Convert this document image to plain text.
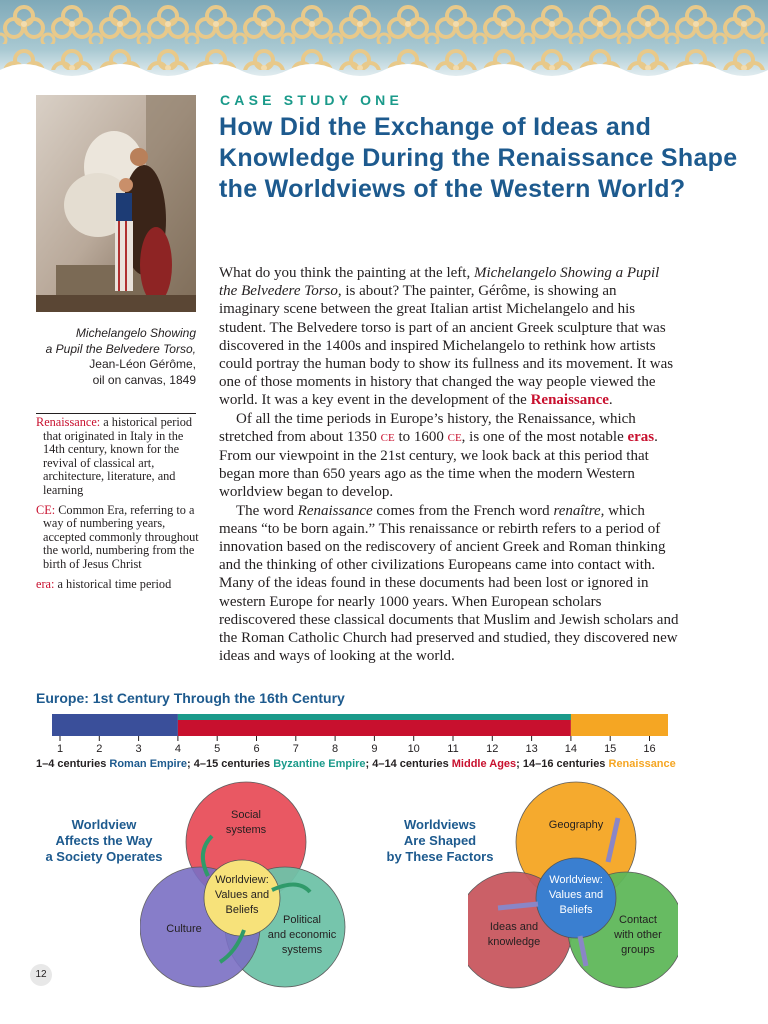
Michelangelo Showing
a Pupil the Belvedere Torso,
Jean-Léon Gérôme,
oil on canvas, 1849
Renaissance: a historical period that originated in Italy in the 14th century, known for the revival of classical art, architecture, literature, and learning
CE: Common Era, referring to a way of numbering years, accepted commonly throughout the world, numbering from the birth of Jesus Christ
era: a historical time period
CASE STUDY ONE
How Did the Exchange of Ideas and Knowledge During the Renaissance Shape the Worldviews of the Western World?

What do you think the painting at the left, Michelangelo Showing a Pupil the Belvedere Torso, is about? The painter, Gérôme, is showing an imaginary scene between the great Italian artist Michelangelo and his student. The Belvedere torso is part of an ancient Greek sculpture that was discovered in the 1400s and inspired Michelangelo to rethink how artists could portray the human body to show its fullness and its movement. It was one of those moments in history that changed the way people viewed the world. It was a key event in the development of the Renaissance.

Of all the time periods in Europe’s history, the Renaissance, which stretched from about 1350 CE to 1600 CE, is one of the most notable eras. From our viewpoint in the 21st century, we look back at this period that began more than 650 years ago as the time when the modern Western worldview began to develop.

The word Renaissance comes from the French word renaître, which means “to be born again.” This renaissance or rebirth refers to a period of innovation based on the rediscovery of ancient Greek and Roman thinking and the thinking of other civilizations Europeans came into contact with. Many of the ideas found in these documents had been lost or ignored in western Europe for nearly 1000 years. When European scholars rediscovered these classical documents that Muslim and Jewish scholars and the Roman Catholic Church had preserved and studied, they discovered new ideas and ways of looking at the world.

Europe: 1st Century Through the 16th Century
1	2	3	4	5	6	7	8	9	10 11 12 13 14 15 16
1–4 centuries Roman Empire; 4–15 centuries Byzantine Empire; 4–14 centuries Middle Ages; 14–16 centuries Renaissance
Worldview
Affects the Way
a Society Operates
Social systems
Culture
Political and economic systems
Worldview: Values and Beliefs
Worldviews
Are Shaped
by These Factors
Geography
Ideas and knowledge
Contact with other groups
Worldview: Values and Beliefs
12
